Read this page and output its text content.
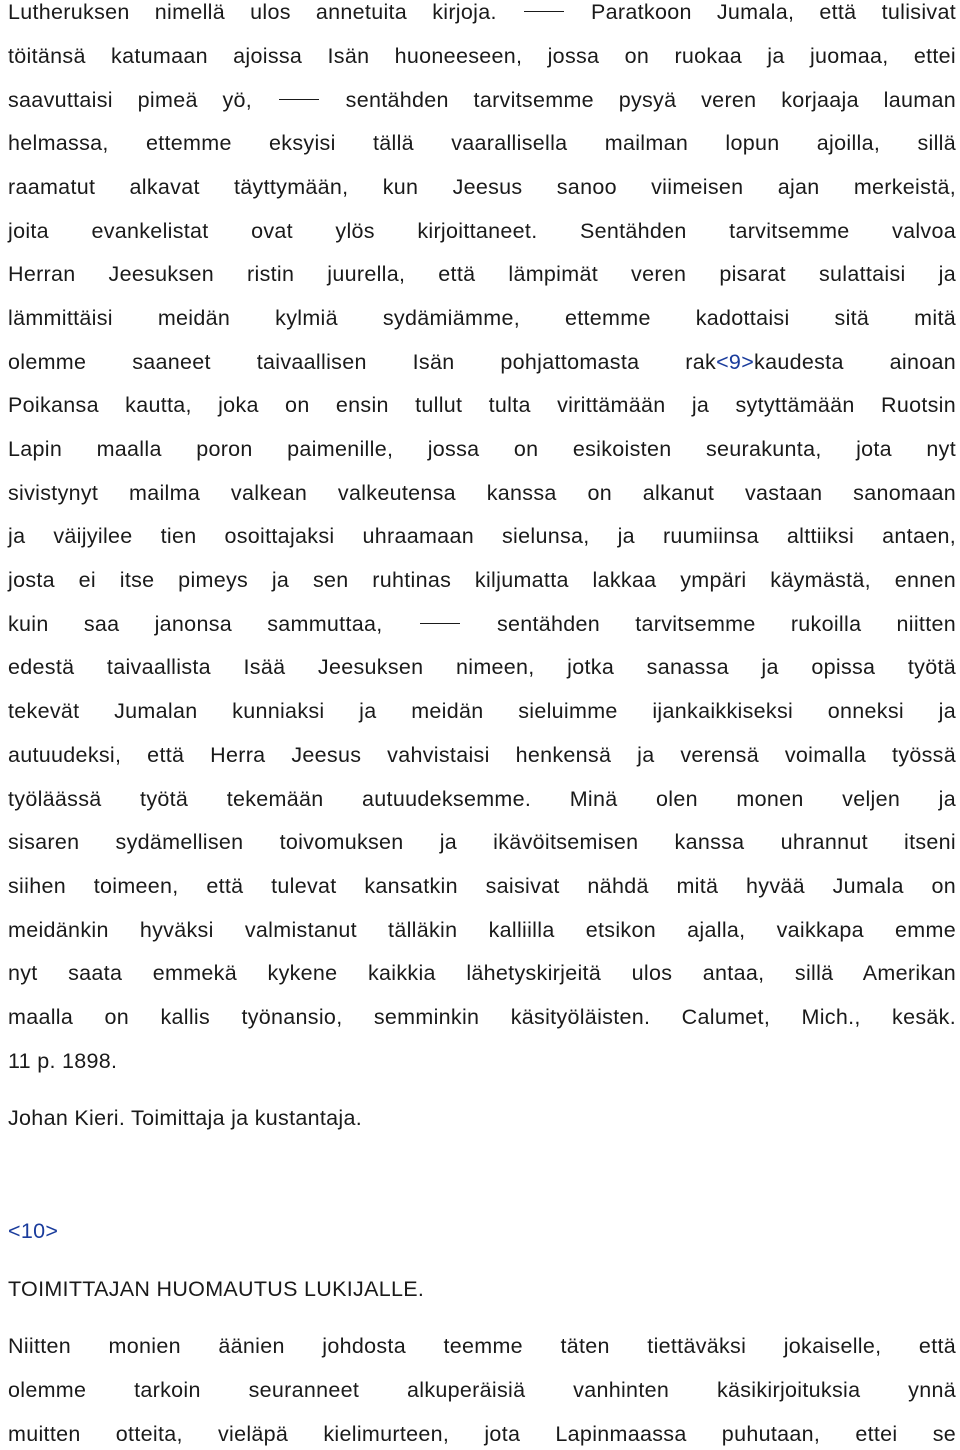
Lutheruksen nimellä ulos annetuita kirjoja.	Paratkoon Jumala, että tulisivat
töitänsä katumaan ajoissa Isän huoneeseen, jossa on ruokaa ja juomaa, ettei
saavuttaisi pimeä yö,	sentähden tarvitsemme pysyä veren korjaaja lauman
helmassa, ettemme eksyisi tällä vaarallisella mailman lopun ajoilla, sillä
raamatut alkavat täyttymään, kun Jeesus sanoo viimeisen ajan merkeistä,
joita evankelistat ovat ylös kirjoittaneet. Sentähden tarvitsemme valvoa
Herran Jeesuksen ristin juurella, että lämpimät veren pisarat sulattaisi ja
lämmittäisi meidän kylmiä sydämiämme, ettemme kadottaisi sitä mitä
olemme saaneet taivaallisen Isän pohjattomasta rak<9>kaudesta ainoan
Poikansa kautta, joka on ensin tullut tulta virittämään ja sytyttämään Ruotsin
Lapin maalla poron paimenille, jossa on esikoisten seurakunta, jota nyt
sivistynyt mailma valkean valkeutensa kanssa on alkanut vastaan sanomaan
ja väijyilee tien osoittajaksi uhraamaan sielunsa, ja ruumiinsa alttiiksi antaen,
josta ei itse pimeys ja sen ruhtinas kiljumatta lakkaa ympäri käymästä, ennen
kuin saa janonsa sammuttaa,	sentähden tarvitsemme rukoilla niitten
edestä taivaallista Isää Jeesuksen nimeen, jotka sanassa ja opissa työtä
tekevät Jumalan kunniaksi ja meidän sieluimme ijankaikkiseksi onneksi ja
autuudeksi, että Herra Jeesus vahvistaisi henkensä ja verensä voimalla työssä
työläässä työtä tekemään autuudeksemme. Minä olen monen veljen ja
sisaren sydämellisen toivomuksen ja ikävöitsemisen kanssa uhrannut itseni
siihen toimeen, että tulevat kansatkin saisivat nähdä mitä hyvää Jumala on
meidänkin hyväksi valmistanut tälläkin kalliilla etsikon ajalla, vaikkapa emme
nyt saata emmekä kykene kaikkia lähetyskirjeitä ulos antaa, sillä Amerikan
maalla on kallis työnansio, semminkin käsityöläisten. Calumet, Mich., kesäk.
11 p. 1898.
Johan Kieri. Toimittaja ja kustantaja.
<10>
TOIMITTAJAN HUOMAUTUS LUKIJALLE.
Niitten monien äänien johdosta teemme täten tiettäväksi jokaiselle, että
olemme tarkoin seuranneet alkuperäisiä vanhinten käsikirjoituksia ynnä
muitten otteita, vieläpä kielimurteen, jota Lapinmaassa puhutaan, ettei se
